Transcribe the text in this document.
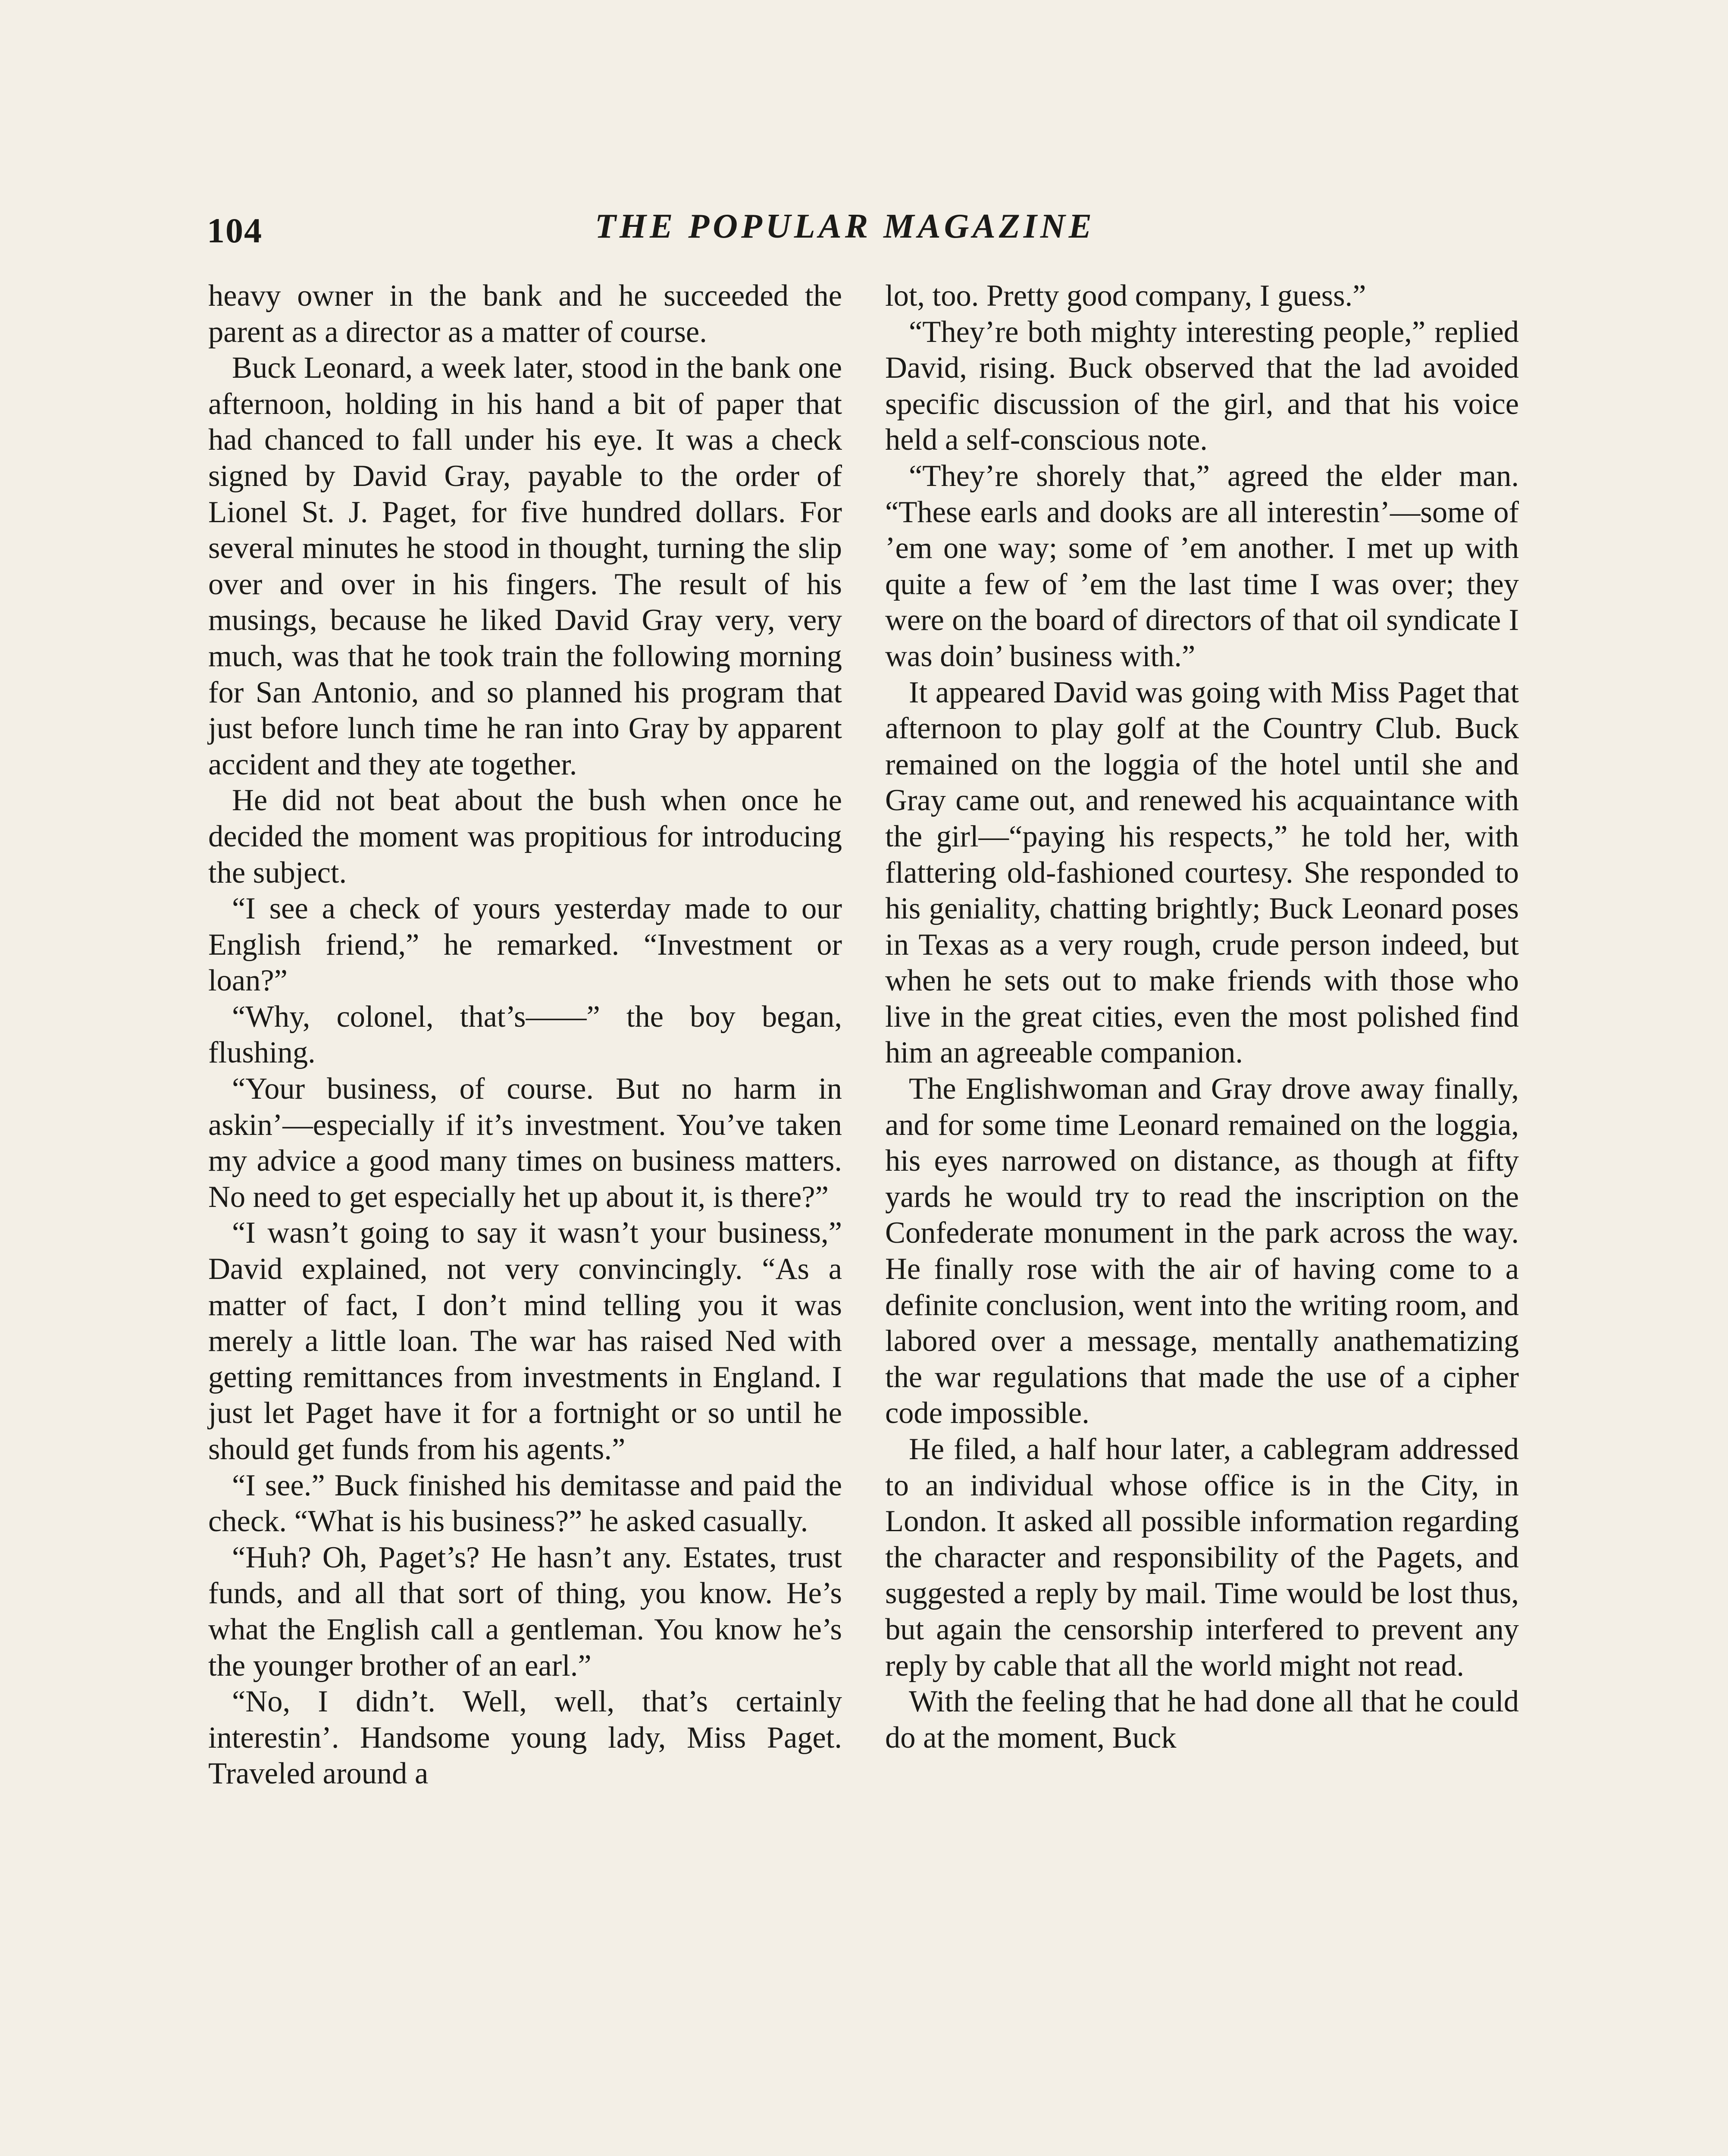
104	THE POPULAR MAGAZINE

heavy owner in the bank and he succeeded the parent as a director as a matter of course.

Buck Leonard, a week later, stood in the bank one afternoon, holding in his hand a bit of paper that had chanced to fall under his eye. It was a check signed by David Gray, payable to the order of Lionel St. J. Paget, for five hundred dollars. For several minutes he stood in thought, turning the slip over and over in his fingers. The result of his musings, because he liked David Gray very, very much, was that he took train the following morning for San Antonio, and so planned his program that just before lunch time he ran into Gray by apparent accident and they ate together.

He did not beat about the bush when once he decided the moment was propitious for introducing the subject.

“I see a check of yours yesterday made to our English friend,” he remarked. “Investment or loan?”

“Why, colonel, that’s——” the boy began, flushing.

“Your business, of course. But no harm in askin’—especially if it’s investment. You’ve taken my advice a good many times on business matters. No need to get especially het up about it, is there?”

“I wasn’t going to say it wasn’t your business,” David explained, not very convincingly. “As a matter of fact, I don’t mind telling you it was merely a little loan. The war has raised Ned with getting remittances from investments in England. I just let Paget have it for a fortnight or so until he should get funds from his agents.”

“I see.” Buck finished his demitasse and paid the check. “What is his business?” he asked casually.

“Huh? Oh, Paget’s? He hasn’t any. Estates, trust funds, and all that sort of thing, you know. He’s what the English call a gentleman. You know he’s the younger brother of an earl.”

“No, I didn’t. Well, well, that’s certainly interestin’. Handsome young lady, Miss Paget. Traveled around a

lot, too. Pretty good company, I guess.”

“They’re both mighty interesting people,” replied David, rising. Buck observed that the lad avoided specific discussion of the girl, and that his voice held a self-conscious note.

“They’re shorely that,” agreed the elder man. “These earls and dooks are all interestin’—some of ’em one way; some of ’em another. I met up with quite a few of ’em the last time I was over; they were on the board of directors of that oil syndicate I was doin’ business with.”

It appeared David was going with Miss Paget that afternoon to play golf at the Country Club. Buck remained on the loggia of the hotel until she and Gray came out, and renewed his acquaintance with the girl—“paying his respects,” he told her, with flattering old-fashioned courtesy. She responded to his geniality, chatting brightly; Buck Leonard poses in Texas as a very rough, crude person indeed, but when he sets out to make friends with those who live in the great cities, even the most polished find him an agreeable companion.

The Englishwoman and Gray drove away finally, and for some time Leonard remained on the loggia, his eyes narrowed on distance, as though at fifty yards he would try to read the inscription on the Confederate monument in the park across the way. He finally rose with the air of having come to a definite conclusion, went into the writing room, and labored over a message, mentally anathematizing the war regulations that made the use of a cipher code impossible.

He filed, a half hour later, a cablegram addressed to an individual whose office is in the City, in London. It asked all possible information regarding the character and responsibility of the Pagets, and suggested a reply by mail. Time would be lost thus, but again the censorship interfered to prevent any reply by cable that all the world might not read.

With the feeling that he had done all that he could do at the moment, Buck
